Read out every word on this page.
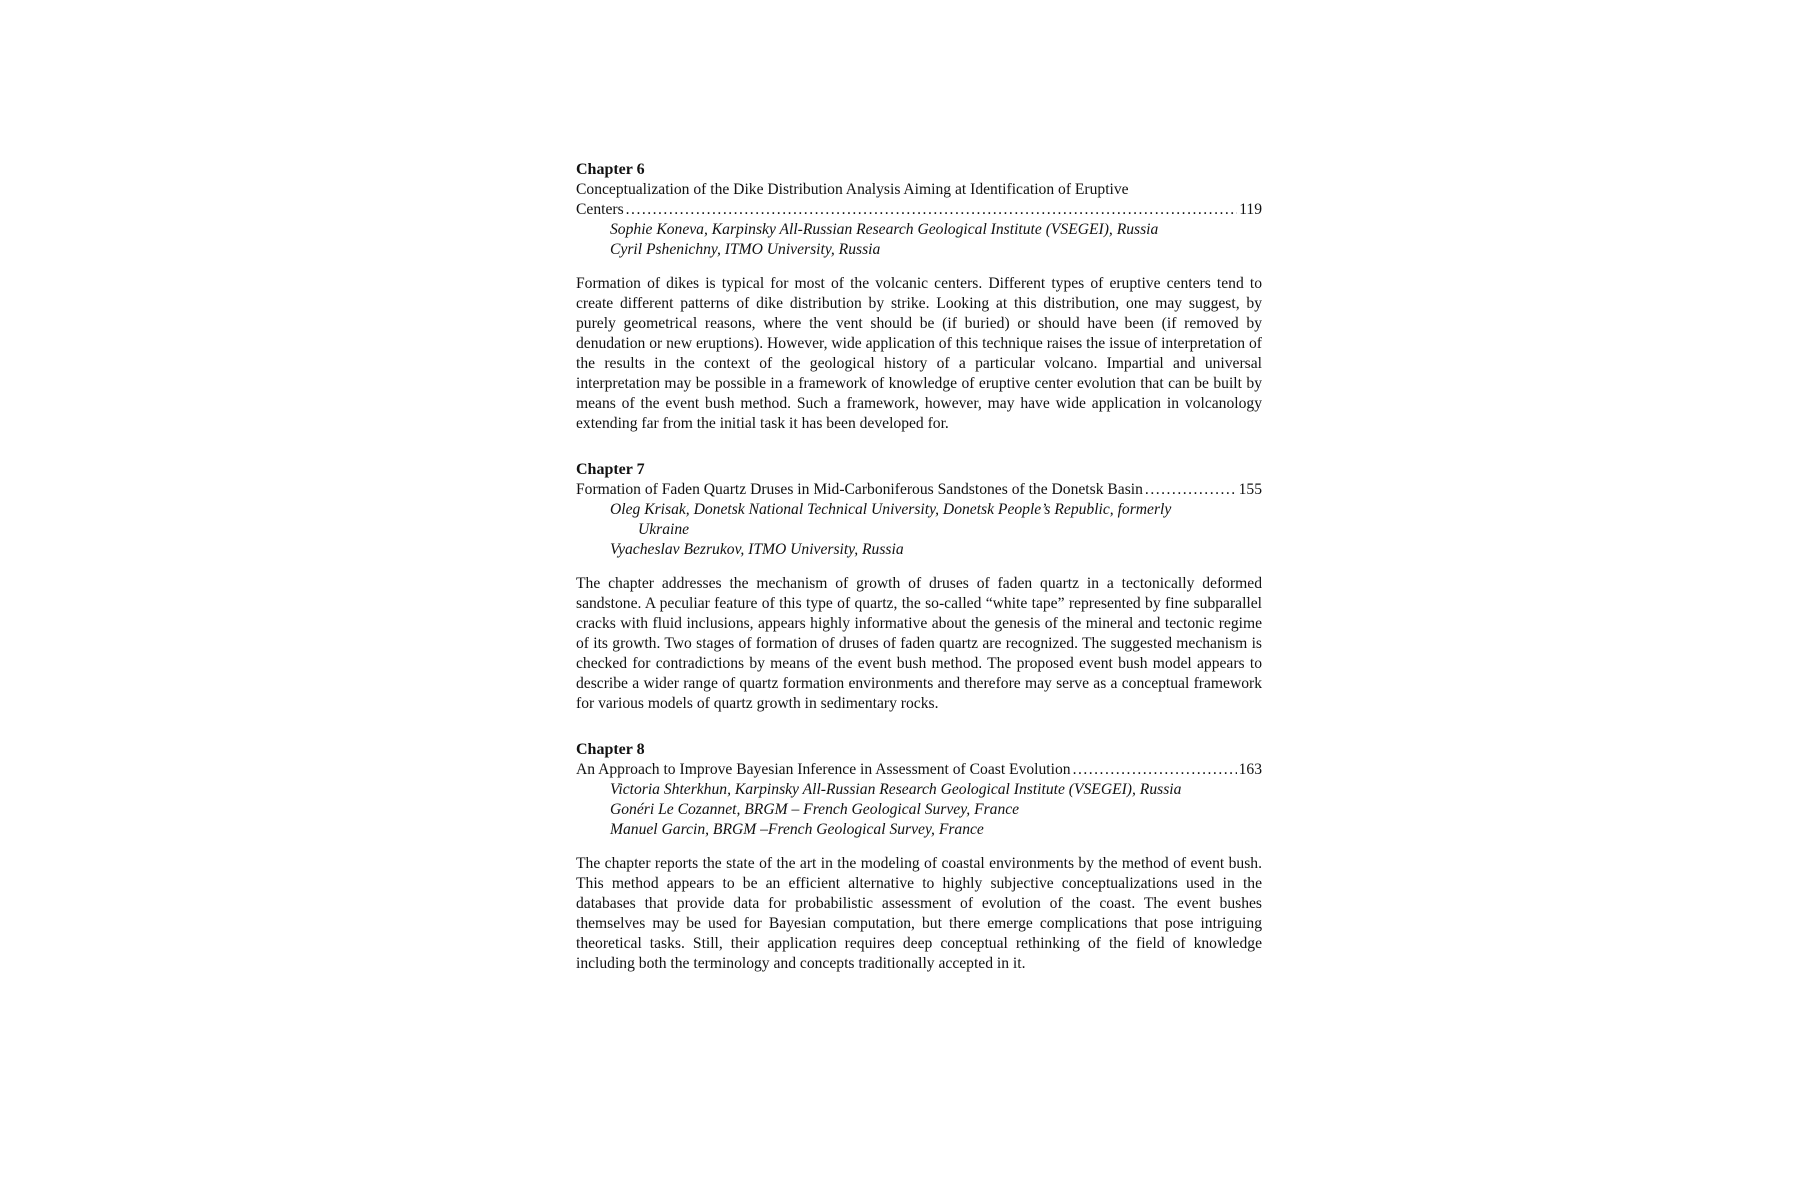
Chapter 6
Conceptualization of the Dike Distribution Analysis Aiming at Identification of Eruptive
Centers .....	119
Sophie Koneva, Karpinsky All-Russian Research Geological Institute (VSEGEI), Russia
Cyril Pshenichny, ITMO University, Russia

Formation of dikes is typical for most of the volcanic centers. Different types of eruptive centers tend to create different patterns of dike distribution by strike. Looking at this distribution, one may suggest, by purely geometrical reasons, where the vent should be (if buried) or should have been (if removed by denudation or new eruptions). However, wide application of this technique raises the issue of interpretation of the results in the context of the geological history of a particular volcano. Impartial and universal interpretation may be possible in a framework of knowledge of eruptive center evolution that can be built by means of the event bush method. Such a framework, however, may have wide application in volcanology extending far from the initial task it has been developed for.

Chapter 7
Formation of Faden Quartz Druses in Mid-Carboniferous Sandstones of the Donetsk Basin .....	155
Oleg Krisak, Donetsk National Technical University, Donetsk People’s Republic, formerly
Ukraine
Vyacheslav Bezrukov, ITMO University, Russia

The chapter addresses the mechanism of growth of druses of faden quartz in a tectonically deformed sandstone. A peculiar feature of this type of quartz, the so-called “white tape” represented by fine subparallel cracks with fluid inclusions, appears highly informative about the genesis of the mineral and tectonic regime of its growth. Two stages of formation of druses of faden quartz are recognized. The suggested mechanism is checked for contradictions by means of the event bush method. The proposed event bush model appears to describe a wider range of quartz formation environments and therefore may serve as a conceptual framework for various models of quartz growth in sedimentary rocks.

Chapter 8
An Approach to Improve Bayesian Inference in Assessment of Coast Evolution .....	163
Victoria Shterkhun, Karpinsky All-Russian Research Geological Institute (VSEGEI), Russia
Gonéri Le Cozannet, BRGM – French Geological Survey, France
Manuel Garcin, BRGM –French Geological Survey, France

The chapter reports the state of the art in the modeling of coastal environments by the method of event bush. This method appears to be an efficient alternative to highly subjective conceptualizations used in the databases that provide data for probabilistic assessment of evolution of the coast. The event bushes themselves may be used for Bayesian computation, but there emerge complications that pose intriguing theoretical tasks. Still, their application requires deep conceptual rethinking of the field of knowledge including both the terminology and concepts traditionally accepted in it.
